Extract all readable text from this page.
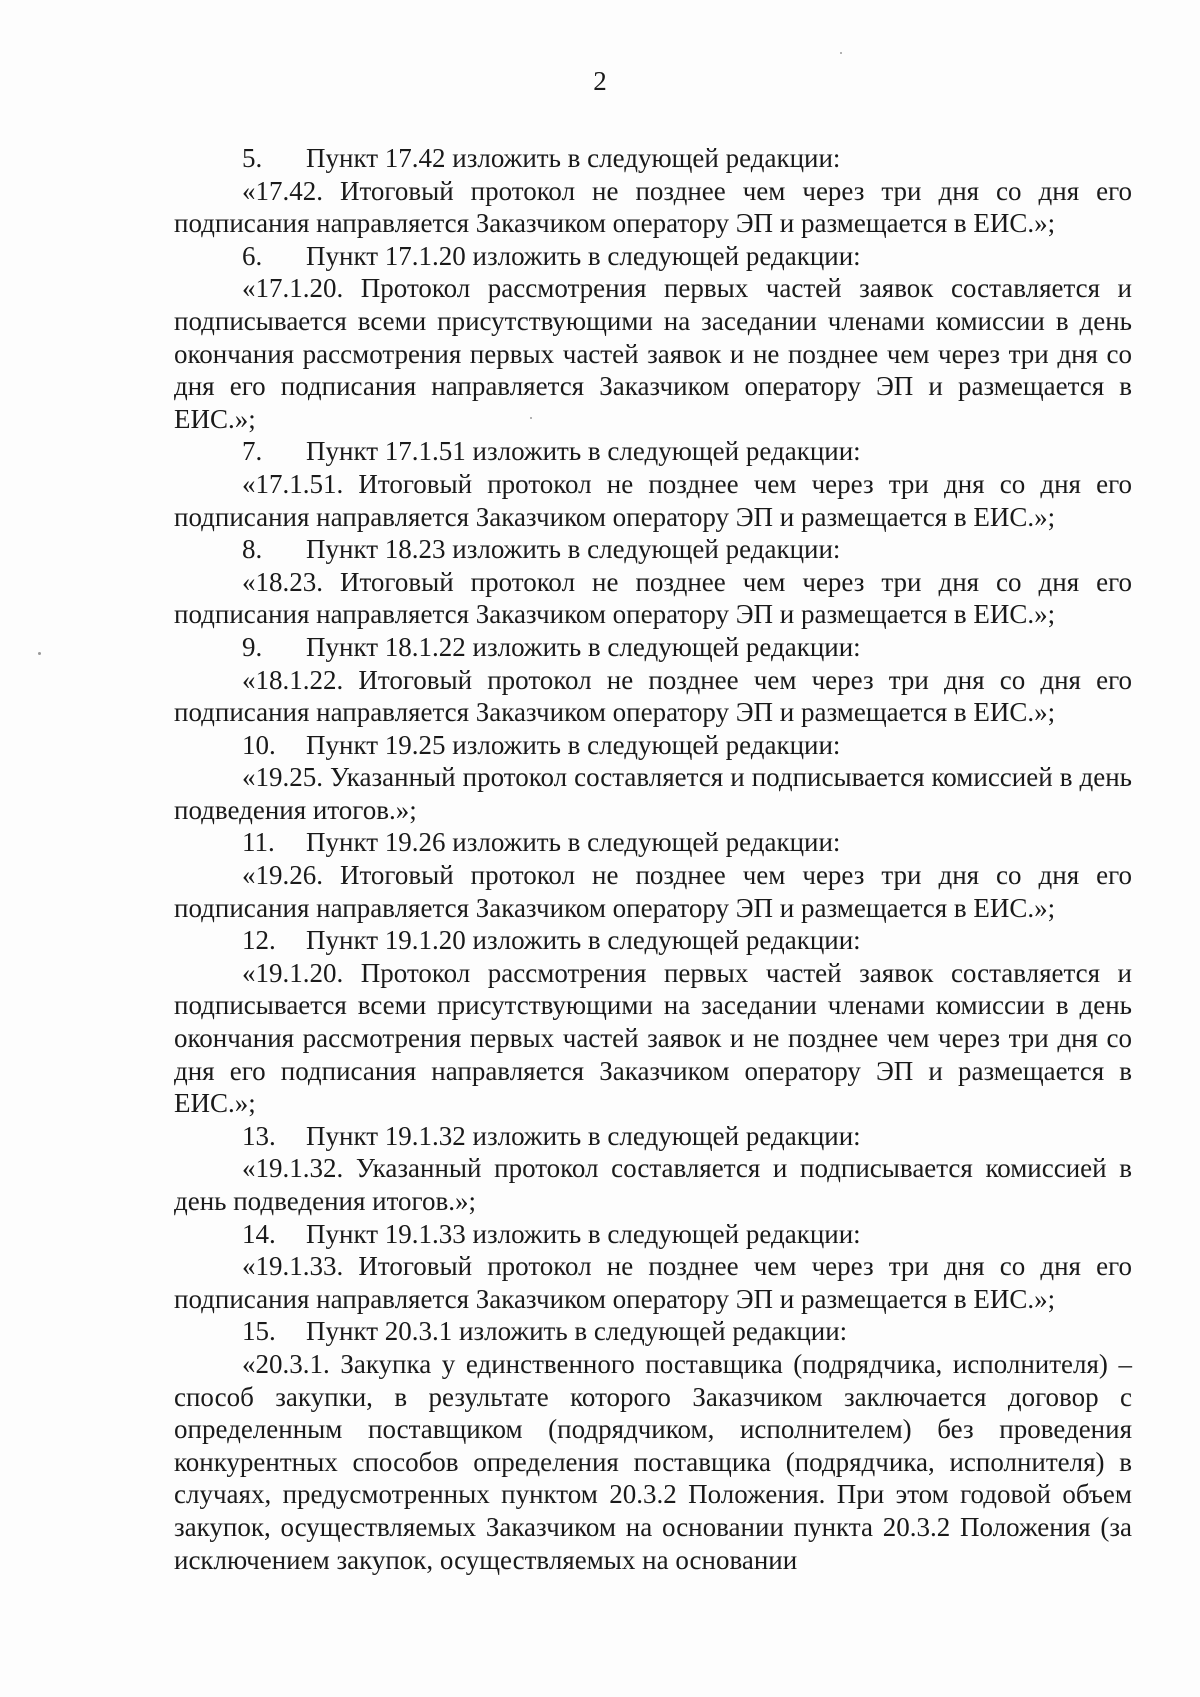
2

5. Пункт 17.42 изложить в следующей редакции:

«17.42. Итоговый протокол не позднее чем через три дня со дня его подписания направляется Заказчиком оператору ЭП и размещается в ЕИС.»;

6. Пункт 17.1.20 изложить в следующей редакции:

«17.1.20. Протокол рассмотрения первых частей заявок составляется и подписывается всеми присутствующими на заседании членами комиссии в день окончания рассмотрения первых частей заявок и не позднее чем через три дня со дня его подписания направляется Заказчиком оператору ЭП и размещается в ЕИС.»;

7. Пункт 17.1.51 изложить в следующей редакции:

«17.1.51. Итоговый протокол не позднее чем через три дня со дня его подписания направляется Заказчиком оператору ЭП и размещается в ЕИС.»;

8. Пункт 18.23 изложить в следующей редакции:

«18.23. Итоговый протокол не позднее чем через три дня со дня его подписания направляется Заказчиком оператору ЭП и размещается в ЕИС.»;

9. Пункт 18.1.22 изложить в следующей редакции:

«18.1.22. Итоговый протокол не позднее чем через три дня со дня его подписания направляется Заказчиком оператору ЭП и размещается в ЕИС.»;

10. Пункт 19.25 изложить в следующей редакции:

«19.25. Указанный протокол составляется и подписывается комиссией в день подведения итогов.»;

11. Пункт 19.26 изложить в следующей редакции:

«19.26. Итоговый протокол не позднее чем через три дня со дня его подписания направляется Заказчиком оператору ЭП и размещается в ЕИС.»;

12. Пункт 19.1.20 изложить в следующей редакции:

«19.1.20. Протокол рассмотрения первых частей заявок составляется и подписывается всеми присутствующими на заседании членами комиссии в день окончания рассмотрения первых частей заявок и не позднее чем через три дня со дня его подписания направляется Заказчиком оператору ЭП и размещается в ЕИС.»;

13. Пункт 19.1.32 изложить в следующей редакции:

«19.1.32. Указанный протокол составляется и подписывается комиссией в день подведения итогов.»;

14. Пункт 19.1.33 изложить в следующей редакции:

«19.1.33. Итоговый протокол не позднее чем через три дня со дня его подписания направляется Заказчиком оператору ЭП и размещается в ЕИС.»;

15. Пункт 20.3.1 изложить в следующей редакции:

«20.3.1. Закупка у единственного поставщика (подрядчика, исполнителя) – способ закупки, в результате которого Заказчиком заключается договор с определенным поставщиком (подрядчиком, исполнителем) без проведения конкурентных способов определения поставщика (подрядчика, исполнителя) в случаях, предусмотренных пунктом 20.3.2 Положения. При этом годовой объем закупок, осуществляемых Заказчиком на основании пункта 20.3.2 Положения (за исключением закупок, осуществляемых на основании
